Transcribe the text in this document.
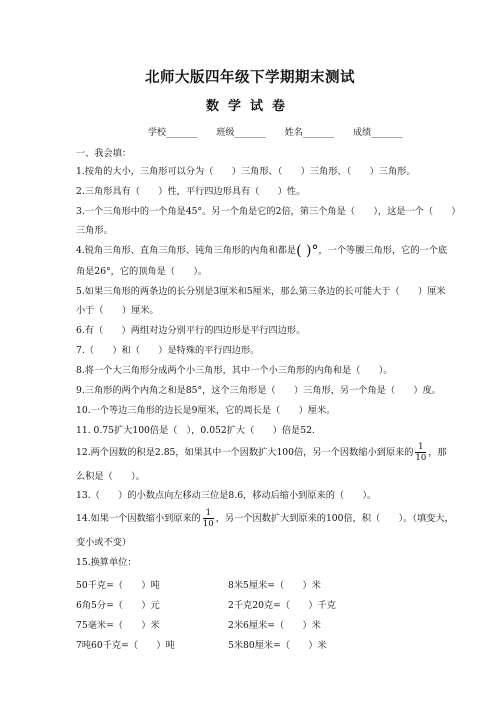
北师大版四年级下学期期末测试
数学试卷
学校_______ 班级_______ 姓名_______ 成绩_______
一、我会填：
1.按角的大小，三角形可以分为（　　）三角形、（　　）三角形、（　　）三角形。
2.三角形具有（　　）性，平行四边形具有（　　）性。
3.一个三角形中的一个角是45°。另一个角是它的2倍，第三个角是（　　），这是一个（　　）
三角形。
4.锐角三角形、直角三角形、钝角三角形的内角和都是( )°，一个等腰三角形，它的一个底
角是26°，它的顶角是（　　）。
5.如果三角形的两条边的长分别是3厘米和5厘米，那么第三条边的长可能大于（　　）厘米
小于（　　）厘米。
6.有（　　）两组对边分别平行的四边形是平行四边形。
7.（　　）和（　　）是特殊的平行四边形。
8.将一个大三角形分成两个小三角形，其中一个小三角形的内角和是（　　）。
9.三角形的两个内角之和是85°，这个三角形是（　　）三角形，另一个角是（　　）度。
10.一个等边三角形的边长是9厘米，它的周长是（　　）厘米。
11. 0.75扩大100倍是（　），0.052扩大（　　）倍是52.
12.两个因数的积是2.85，如果其中一个因数扩大100倍，另一个因数缩小到原来的 $\frac{1}{10}$ ，那
么积是（　　）。
13.（　　）的小数点向左移动三位是8.6，移动后缩小到原来的（　　）。
14.如果一个因数缩小到原来的 $\frac{1}{10}$ ，另一个因数扩大到原来的100倍，积（　　）。（填变大，
变小或不变）
15.换算单位：
50千克=（　　）吨	8米5厘米=（　　）米
6角5分=（　　）元	2千克20克=（　　）千克
75毫米=（　　）米	2米6厘米=（　　）米
7吨60千克=（　　）吨	5米80厘米=（　　）米
